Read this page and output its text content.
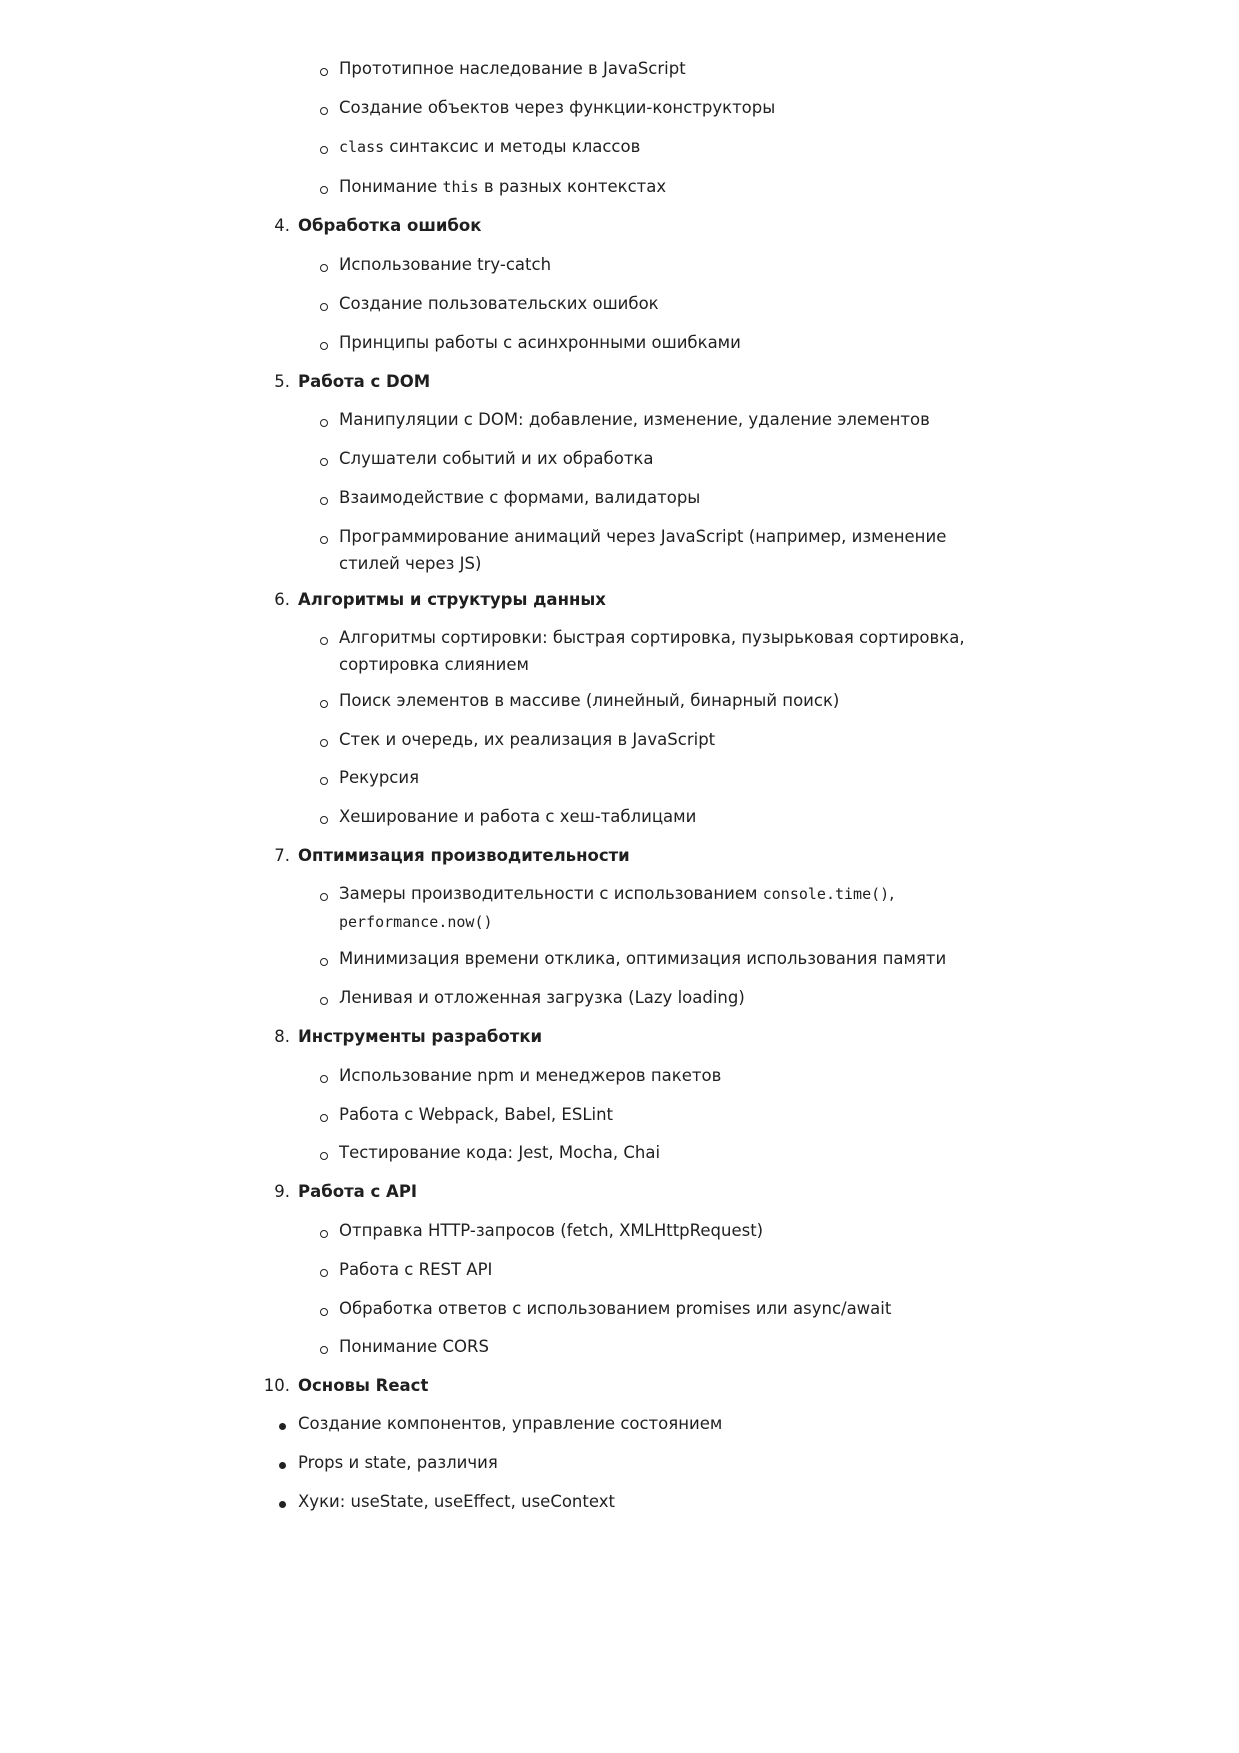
Прототипное наследование в JavaScript
Создание объектов через функции-конструкторы
class синтаксис и методы классов
Понимание this в разных контекстах
4. Обработка ошибок
Использование try-catch
Создание пользовательских ошибок
Принципы работы с асинхронными ошибками
5. Работа с DOM
Манипуляции с DOM: добавление, изменение, удаление элементов
Слушатели событий и их обработка
Взаимодействие с формами, валидаторы
Программирование анимаций через JavaScript (например, изменение стилей через JS)
6. Алгоритмы и структуры данных
Алгоритмы сортировки: быстрая сортировка, пузырьковая сортировка, сортировка слиянием
Поиск элементов в массиве (линейный, бинарный поиск)
Стек и очередь, их реализация в JavaScript
Рекурсия
Хеширование и работа с хеш-таблицами
7. Оптимизация производительности
Замеры производительности с использованием console.time(),
performance.now()
Минимизация времени отклика, оптимизация использования памяти
Ленивая и отложенная загрузка (Lazy loading)
8. Инструменты разработки
Использование npm и менеджеров пакетов
Работа с Webpack, Babel, ESLint
Тестирование кода: Jest, Mocha, Chai
9. Работа с API
Отправка HTTP-запросов (fetch, XMLHttpRequest)
Работа с REST API
Обработка ответов с использованием promises или async/await
Понимание CORS
10. Основы React
Создание компонентов, управление состоянием
Props и state, различия
Хуки: useState, useEffect, useContext
